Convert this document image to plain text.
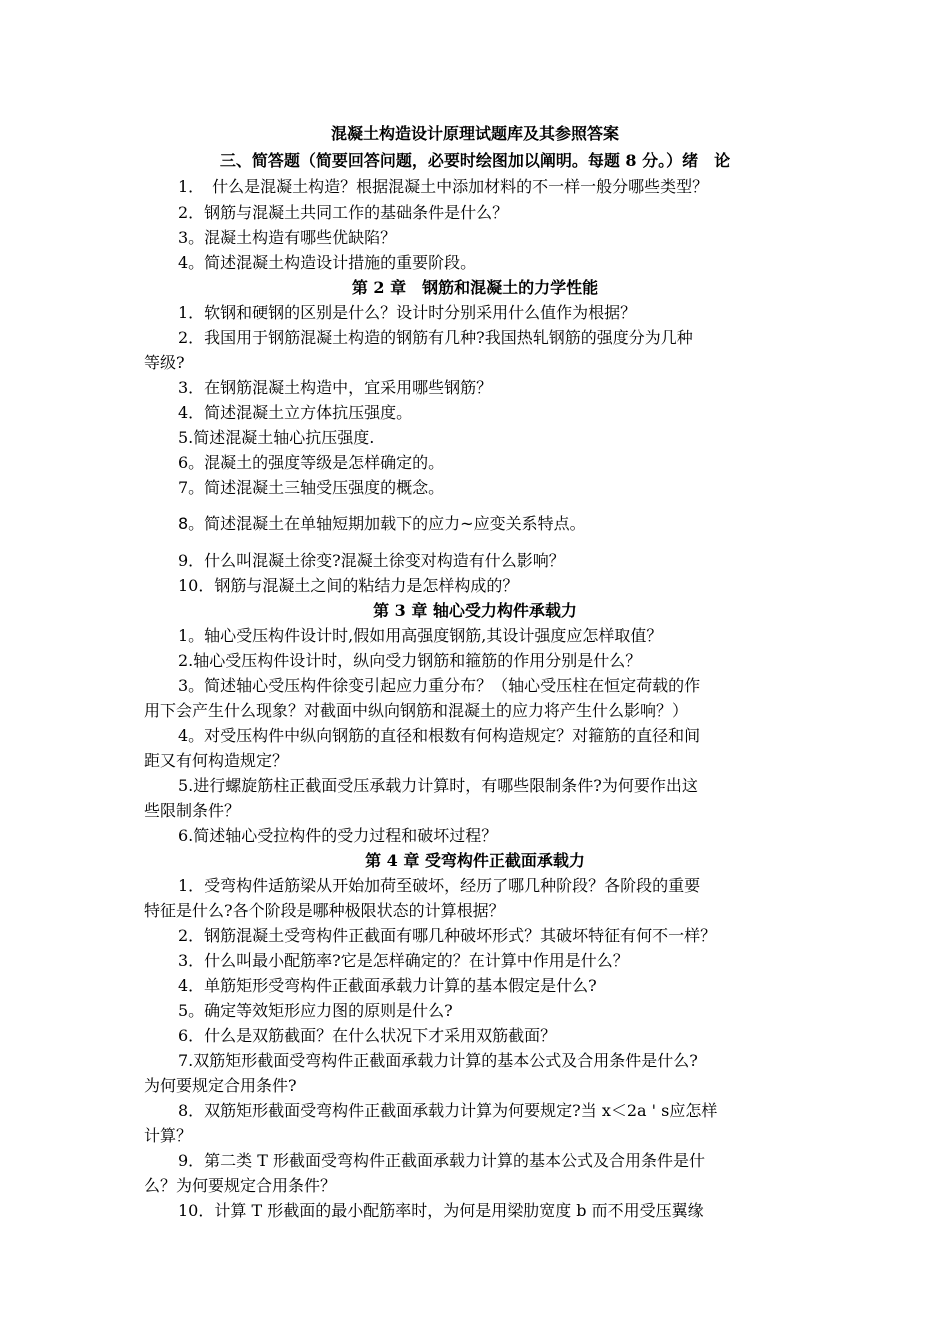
混凝土构造设计原理试题库及其参照答案
三、简答题（简要回答问题，必要时绘图加以阐明。每题 8 分。）绪　论
1．　什么是混凝土构造？根据混凝土中添加材料的不一样一般分哪些类型？
2．钢筋与混凝土共同工作的基础条件是什么？
3。混凝土构造有哪些优缺陷？
4。简述混凝土构造设计措施的重要阶段。
第 2 章　钢筋和混凝土的力学性能
1．软钢和硬钢的区别是什么？设计时分别采用什么值作为根据？
2．我国用于钢筋混凝土构造的钢筋有几种?我国热轧钢筋的强度分为几种
等级?
3．在钢筋混凝土构造中，宜采用哪些钢筋？
4．简述混凝土立方体抗压强度。
5.简述混凝土轴心抗压强度.
6。混凝土的强度等级是怎样确定的。
7。简述混凝土三轴受压强度的概念。
8。简述混凝土在单轴短期加载下的应力~应变关系特点。
9．什么叫混凝土徐变?混凝土徐变对构造有什么影响？
10．钢筋与混凝土之间的粘结力是怎样构成的？
第 3 章 轴心受力构件承载力
1。轴心受压构件设计时,假如用高强度钢筋,其设计强度应怎样取值？
2.轴心受压构件设计时，纵向受力钢筋和箍筋的作用分别是什么？
3。简述轴心受压构件徐变引起应力重分布？（轴心受压柱在恒定荷载的作
用下会产生什么现象？对截面中纵向钢筋和混凝土的应力将产生什么影响？）
4。对受压构件中纵向钢筋的直径和根数有何构造规定？对箍筋的直径和间
距又有何构造规定？
5.进行螺旋筋柱正截面受压承载力计算时，有哪些限制条件?为何要作出这
些限制条件？
6.简述轴心受拉构件的受力过程和破坏过程？
第 4 章 受弯构件正截面承载力
1．受弯构件适筋梁从开始加荷至破坏，经历了哪几种阶段？各阶段的重要
特征是什么?各个阶段是哪种极限状态的计算根据？
2．钢筋混凝土受弯构件正截面有哪几种破坏形式？其破坏特征有何不一样？
3．什么叫最小配筋率?它是怎样确定的？在计算中作用是什么？
4．单筋矩形受弯构件正截面承载力计算的基本假定是什么?
5。确定等效矩形应力图的原则是什么?
6．什么是双筋截面？在什么状况下才采用双筋截面？
7.双筋矩形截面受弯构件正截面承载力计算的基本公式及合用条件是什么?
为何要规定合用条件?
8．双筋矩形截面受弯构件正截面承载力计算为何要规定?当 x＜2a ' s应怎样
计算？
9．第二类 T 形截面受弯构件正截面承载力计算的基本公式及合用条件是什
么？为何要规定合用条件？
10．计算 T 形截面的最小配筋率时，为何是用梁肋宽度 b 而不用受压翼缘
